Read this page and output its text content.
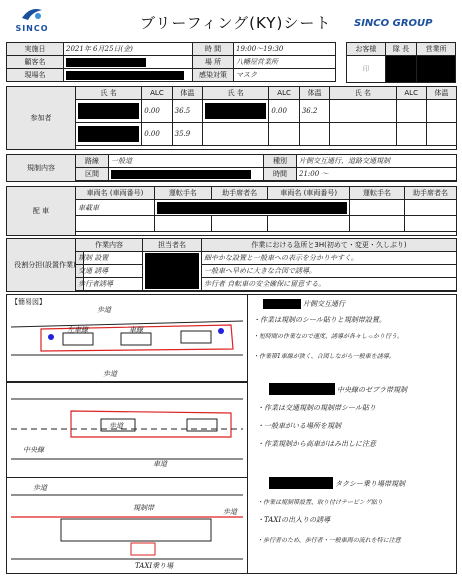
SINCO	ブリーフィング(KY)シート SINCO GROUP
実施日	2021年 6月25日(金)	時 間	19:00〜19:30
顧客名		場 所	八幡屋営業所
現場名		感染対策	マスク
お客様	隊 長	営業所
印		
参加者
氏 名	ALC	体温	氏 名	ALC	体温	氏 名	ALC	体温

	0.00	36.5		0.00	36.2			

	0.00	35.9						
規制内容
路線	一般道	種別	片側交互通行、道路交通規制
区間		時間	21:00 〜
配 車
車両名 (車両番号)	運転手名	助手席者名	車両名 (車両番号)	運転手名	助手席者名
車載車			

役割分担(設置作業)
作業内容	担当者名	作業における急所と3H(初めて・変更・久しぶり)
規制 設置		細やかな設置と一般車への表示を分かりやすく。
交通 誘導		一般車へ早めに大きな合図で誘導。
歩行者誘導		歩行者 自転車の安全確保に留意する。
【簡易図】
歩道
左車線	車線
歩道
歩道
車道
中央線
歩道
規制帯
TAXI乗り場
歩道
片側交互通行
・作業は規制のシール貼りと規制帯設置。
・短時間の作業なので速度、誘導が各々しっかり行う。
・作業帯1車線が狭く、合図しながら一般車を誘導。
中央線のゼブラ帯規制
・作業は交通規制の規制帯シール貼り
・一般車がいる場所を規制
・作業規制から高車がはみ出しに注意
タクシー乗り場帯規制
・作業は規制帯設置、取り付けテーピング貼り
・TAXIの出入りの誘導
・歩行者のため、歩行者・一般車両の流れを特に注意
